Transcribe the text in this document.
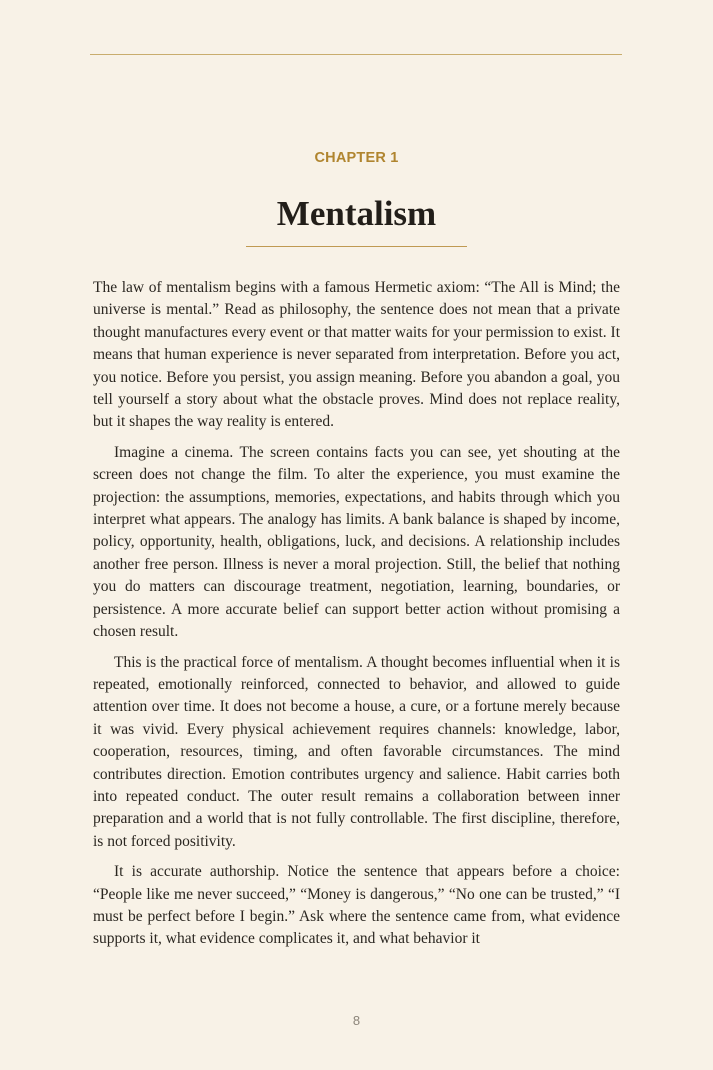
CHAPTER 1
Mentalism

The law of mentalism begins with a famous Hermetic axiom: “The All is Mind; the universe is mental.” Read as philosophy, the sentence does not mean that a private thought manufactures every event or that matter waits for your permission to exist. It means that human experience is never separated from interpretation. Before you act, you notice. Before you persist, you assign meaning. Before you abandon a goal, you tell yourself a story about what the obstacle proves. Mind does not replace reality, but it shapes the way reality is entered.

Imagine a cinema. The screen contains facts you can see, yet shouting at the screen does not change the film. To alter the experience, you must examine the projection: the assumptions, memories, expectations, and habits through which you interpret what appears. The analogy has limits. A bank balance is shaped by income, policy, opportunity, health, obligations, luck, and decisions. A relationship includes another free person. Illness is never a moral projection. Still, the belief that nothing you do matters can discourage treatment, negotiation, learning, boundaries, or persistence. A more accurate belief can support better action without promising a chosen result.

This is the practical force of mentalism. A thought becomes influential when it is repeated, emotionally reinforced, connected to behavior, and allowed to guide attention over time. It does not become a house, a cure, or a fortune merely because it was vivid. Every physical achievement requires channels: knowledge, labor, cooperation, resources, timing, and often favorable circumstances. The mind contributes direction. Emotion contributes urgency and salience. Habit carries both into repeated conduct. The outer result remains a collaboration between inner preparation and a world that is not fully controllable. The first discipline, therefore, is not forced positivity.

It is accurate authorship. Notice the sentence that appears before a choice: “People like me never succeed,” “Money is dangerous,” “No one can be trusted,” “I must be perfect before I begin.” Ask where the sentence came from, what evidence supports it, what evidence complicates it, and what behavior it

8
